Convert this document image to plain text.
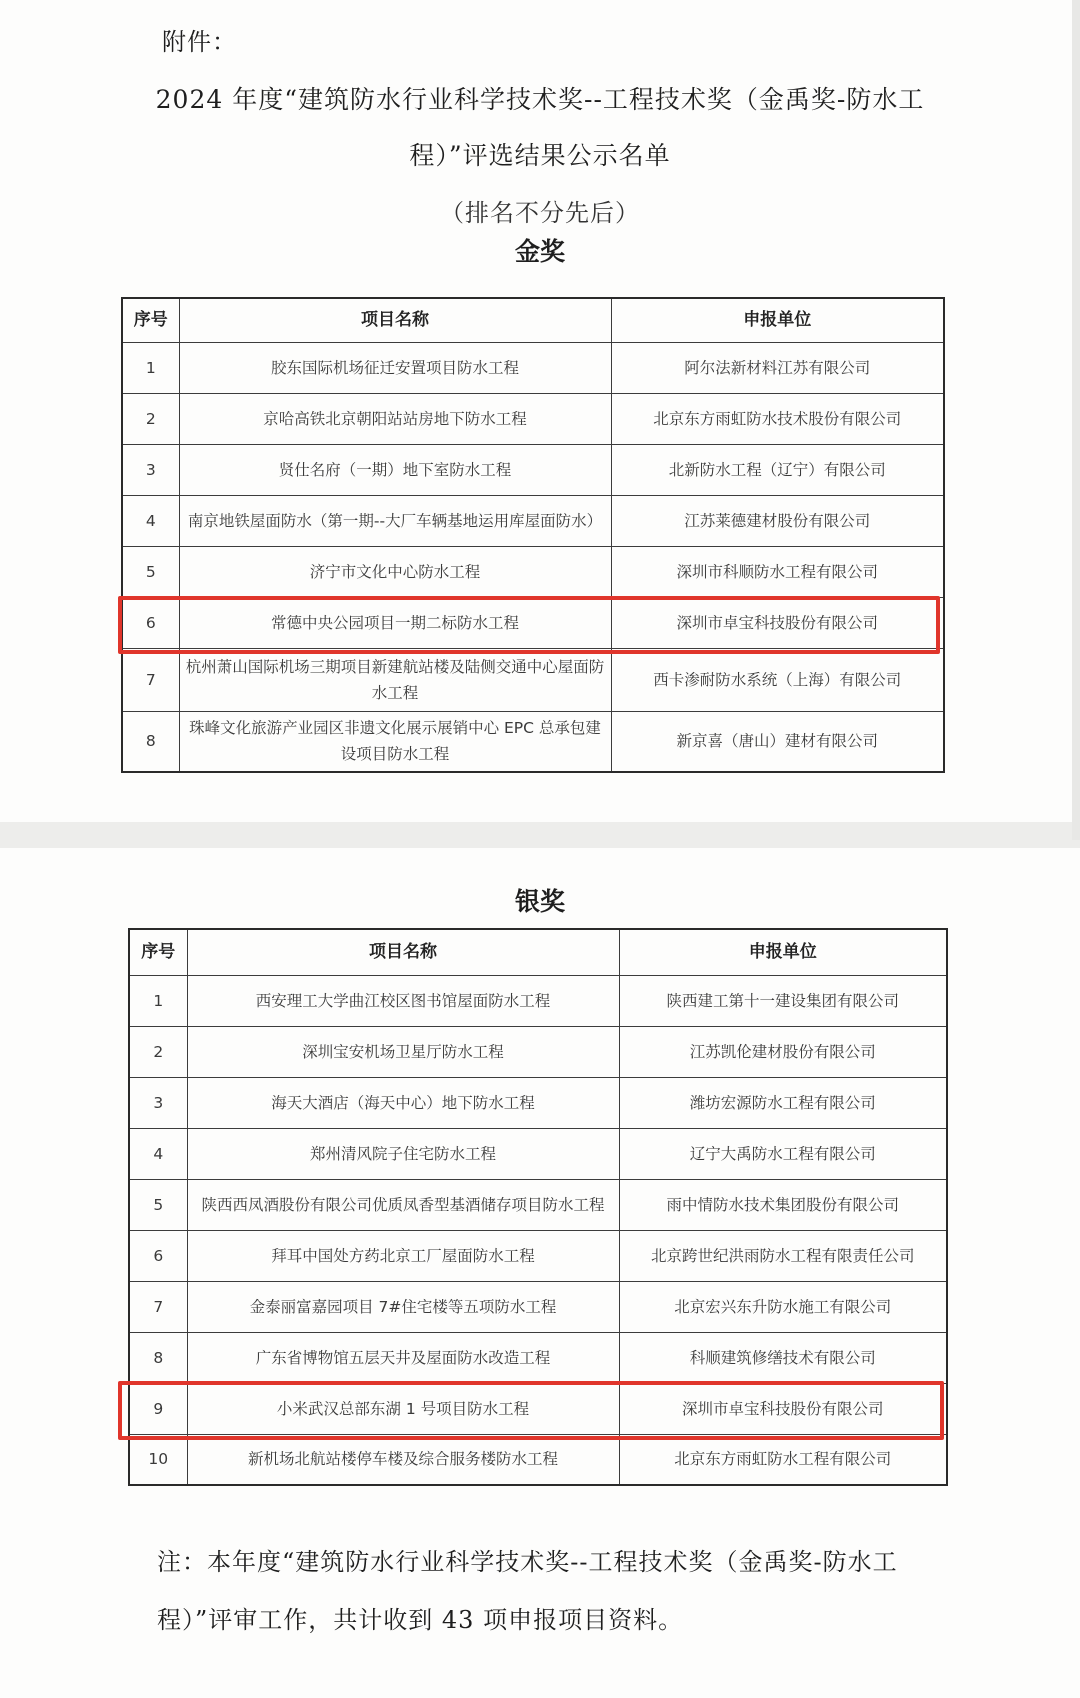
附件：
2024 年度“建筑防水行业科学技术奖--工程技术奖（金禹奖-防水工
程）”评选结果公示名单
（排名不分先后）
金奖
序号	项目名称	申报单位
1	胶东国际机场征迁安置项目防水工程	阿尔法新材料江苏有限公司
2	京哈高铁北京朝阳站站房地下防水工程	北京东方雨虹防水技术股份有限公司
3	贤仕名府（一期）地下室防水工程	北新防水工程（辽宁）有限公司
4	南京地铁屋面防水（第一期--大厂车辆基地运用库屋面防水）	江苏莱德建材股份有限公司
5	济宁市文化中心防水工程	深圳市科顺防水工程有限公司
6	常德中央公园项目一期二标防水工程	深圳市卓宝科技股份有限公司
7	杭州萧山国际机场三期项目新建航站楼及陆侧交通中心屋面防水工程	西卡渗耐防水系统（上海）有限公司
8	珠峰文化旅游产业园区非遗文化展示展销中心 EPC 总承包建设项目防水工程	新京喜（唐山）建材有限公司
银奖
序号	项目名称	申报单位
1	西安理工大学曲江校区图书馆屋面防水工程	陕西建工第十一建设集团有限公司
2	深圳宝安机场卫星厅防水工程	江苏凯伦建材股份有限公司
3	海天大酒店（海天中心）地下防水工程	潍坊宏源防水工程有限公司
4	郑州清风院子住宅防水工程	辽宁大禹防水工程有限公司
5	陕西西凤酒股份有限公司优质凤香型基酒储存项目防水工程	雨中情防水技术集团股份有限公司
6	拜耳中国处方药北京工厂屋面防水工程	北京跨世纪洪雨防水工程有限责任公司
7	金泰丽富嘉园项目 7#住宅楼等五项防水工程	北京宏兴东升防水施工有限公司
8	广东省博物馆五层天井及屋面防水改造工程	科顺建筑修缮技术有限公司
9	小米武汉总部东湖 1 号项目防水工程	深圳市卓宝科技股份有限公司
10	新机场北航站楼停车楼及综合服务楼防水工程	北京东方雨虹防水工程有限公司
注：本年度“建筑防水行业科学技术奖--工程技术奖（金禹奖-防水工程）”评审工作，共计收到 43 项申报项目资料。
